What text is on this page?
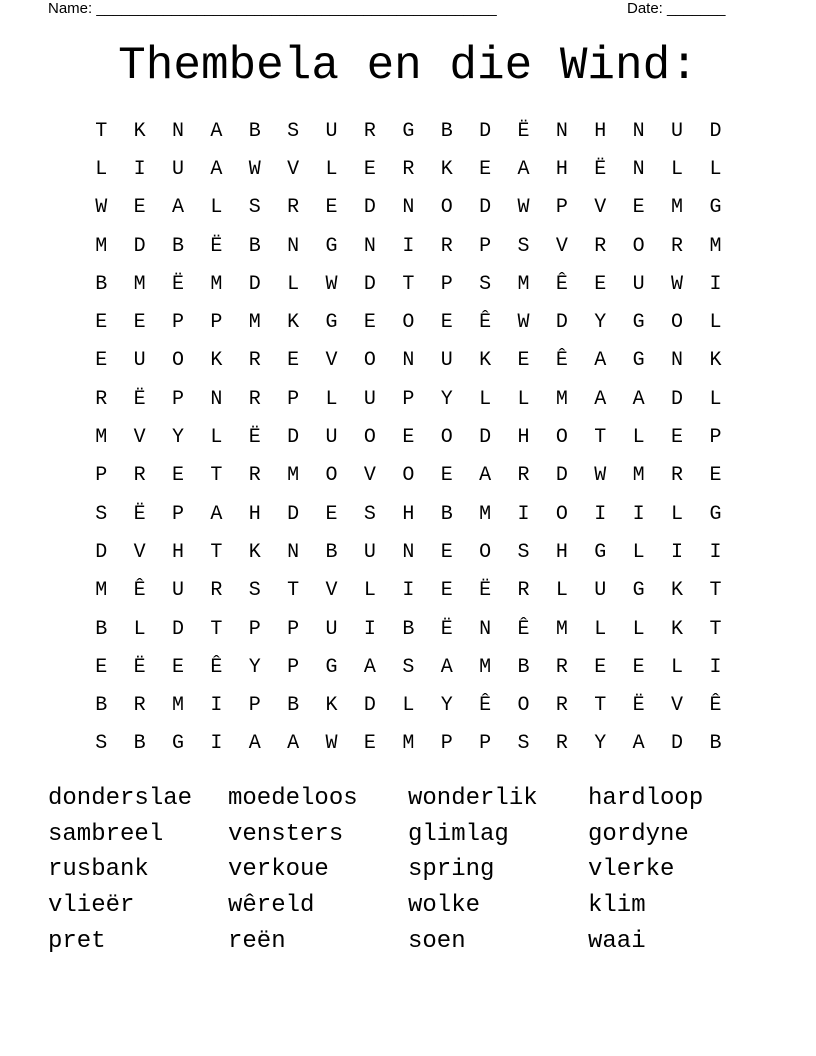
Name: ________________________________________________	Date: _______
Thembela en die Wind:
T	K	N	A	B	S	U	R	G	B	D	Ë	N	H	N	U	D
L	I	U	A	W	V	L	E	R	K	E	A	H	Ë	N	L	L
W	E	A	L	S	R	E	D	N	O	D	W	P	V	E	M	G
M	D	B	Ë	B	N	G	N	I	R	P	S	V	R	O	R	M
B	M	Ë	M	D	L	W	D	T	P	S	M	Ê	E	U	W	I
E	E	P	P	M	K	G	E	O	E	Ê	W	D	Y	G	O	L
E	U	O	K	R	E	V	O	N	U	K	E	Ê	A	G	N	K
R	Ë	P	N	R	P	L	U	P	Y	L	L	M	A	A	D	L
M	V	Y	L	Ë	D	U	O	E	O	D	H	O	T	L	E	P
P	R	E	T	R	M	O	V	O	E	A	R	D	W	M	R	E
S	Ë	P	A	H	D	E	S	H	B	M	I	O	I	I	L	G
D	V	H	T	K	N	B	U	N	E	O	S	H	G	L	I	I
M	Ê	U	R	S	T	V	L	I	E	Ë	R	L	U	G	K	T
B	L	D	T	P	P	U	I	B	Ë	N	Ê	M	L	L	K	T
E	Ë	E	Ê	Y	P	G	A	S	A	M	B	R	E	E	L	I
B	R	M	I	P	B	K	D	L	Y	Ê	O	R	T	Ë	V	Ê
S	B	G	I	A	A	W	E	M	P	P	S	R	Y	A	D	B
donderslae	moedeloos	wonderlik	hardloop
sambreel	vensters	glimlag	gordyne
rusbank	verkoue	spring	vlerke
vlieër	wêreld	wolke	klim
pret	reën	soen	waai
